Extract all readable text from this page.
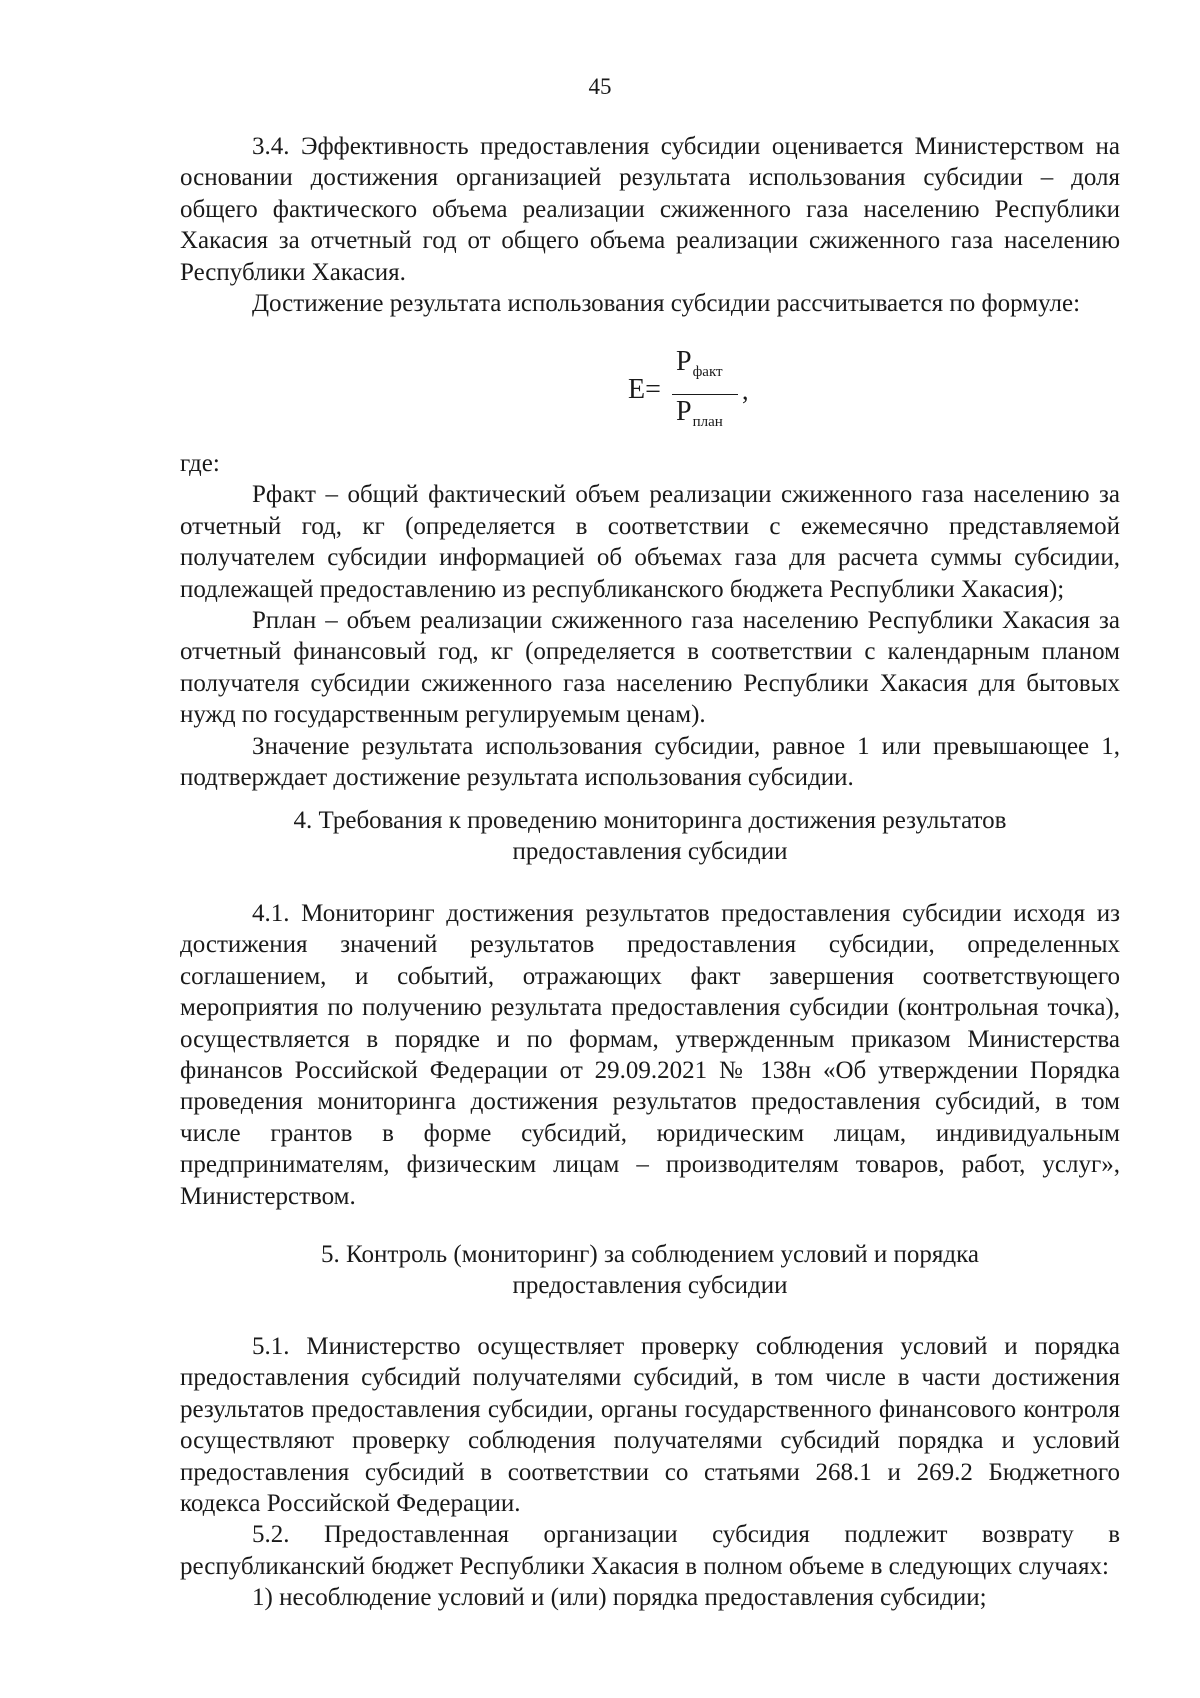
45

3.4. Эффективность предоставления субсидии оценивается Министерством на основании достижения организацией результата использования субсидии – доля общего фактического объема реализации сжиженного газа населению Республики Хакасия за отчетный год от общего объема реализации сжиженного газа населению Республики Хакасия.

Достижение результата использования субсидии рассчитывается по формуле:

Е=
$Р_{факт}$
$Р_{план}$
,

где:

Рфакт – общий фактический объем реализации сжиженного газа населению за отчетный год, кг (определяется в соответствии с ежемесячно представляемой получателем субсидии информацией об объемах газа для расчета суммы субсидии, подлежащей предоставлению из республиканского бюджета Республики Хакасия);

Рплан – объем реализации сжиженного газа населению Республики Хакасия за отчетный финансовый год, кг (определяется в соответствии с календарным планом получателя субсидии сжиженного газа населению Республики Хакасия для бытовых нужд по государственным регулируемым ценам).

Значение результата использования субсидии, равное 1 или превышающее 1, подтверждает достижение результата использования субсидии.

4. Требования к проведению мониторинга достижения результатов

предоставления субсидии

4.1. Мониторинг достижения результатов предоставления субсидии исходя из достижения значений результатов предоставления субсидии, определенных соглашением, и событий, отражающих факт завершения соответствующего мероприятия по получению результата предоставления субсидии (контрольная точка), осуществляется в порядке и по формам, утвержденным приказом Министерства финансов Российской Федерации от 29.09.2021 № 138н «Об утверждении Порядка проведения мониторинга достижения результатов предоставления субсидий, в том числе грантов в форме субсидий, юридическим лицам, индивидуальным предпринимателям, физическим лицам – производителям товаров, работ, услуг», Министерством.

5. Контроль (мониторинг) за соблюдением условий и порядка

предоставления субсидии

5.1. Министерство осуществляет проверку соблюдения условий и порядка предоставления субсидий получателями субсидий, в том числе в части достижения результатов предоставления субсидии, органы государственного финансового контроля осуществляют проверку соблюдения получателями субсидий порядка и условий предоставления субсидий в соответствии со статьями 268.1 и 269.2 Бюджетного кодекса Российской Федерации.

5.2. Предоставленная организации субсидия подлежит возврату в республиканский бюджет Республики Хакасия в полном объеме в следующих случаях:

1) несоблюдение условий и (или) порядка предоставления субсидии;
